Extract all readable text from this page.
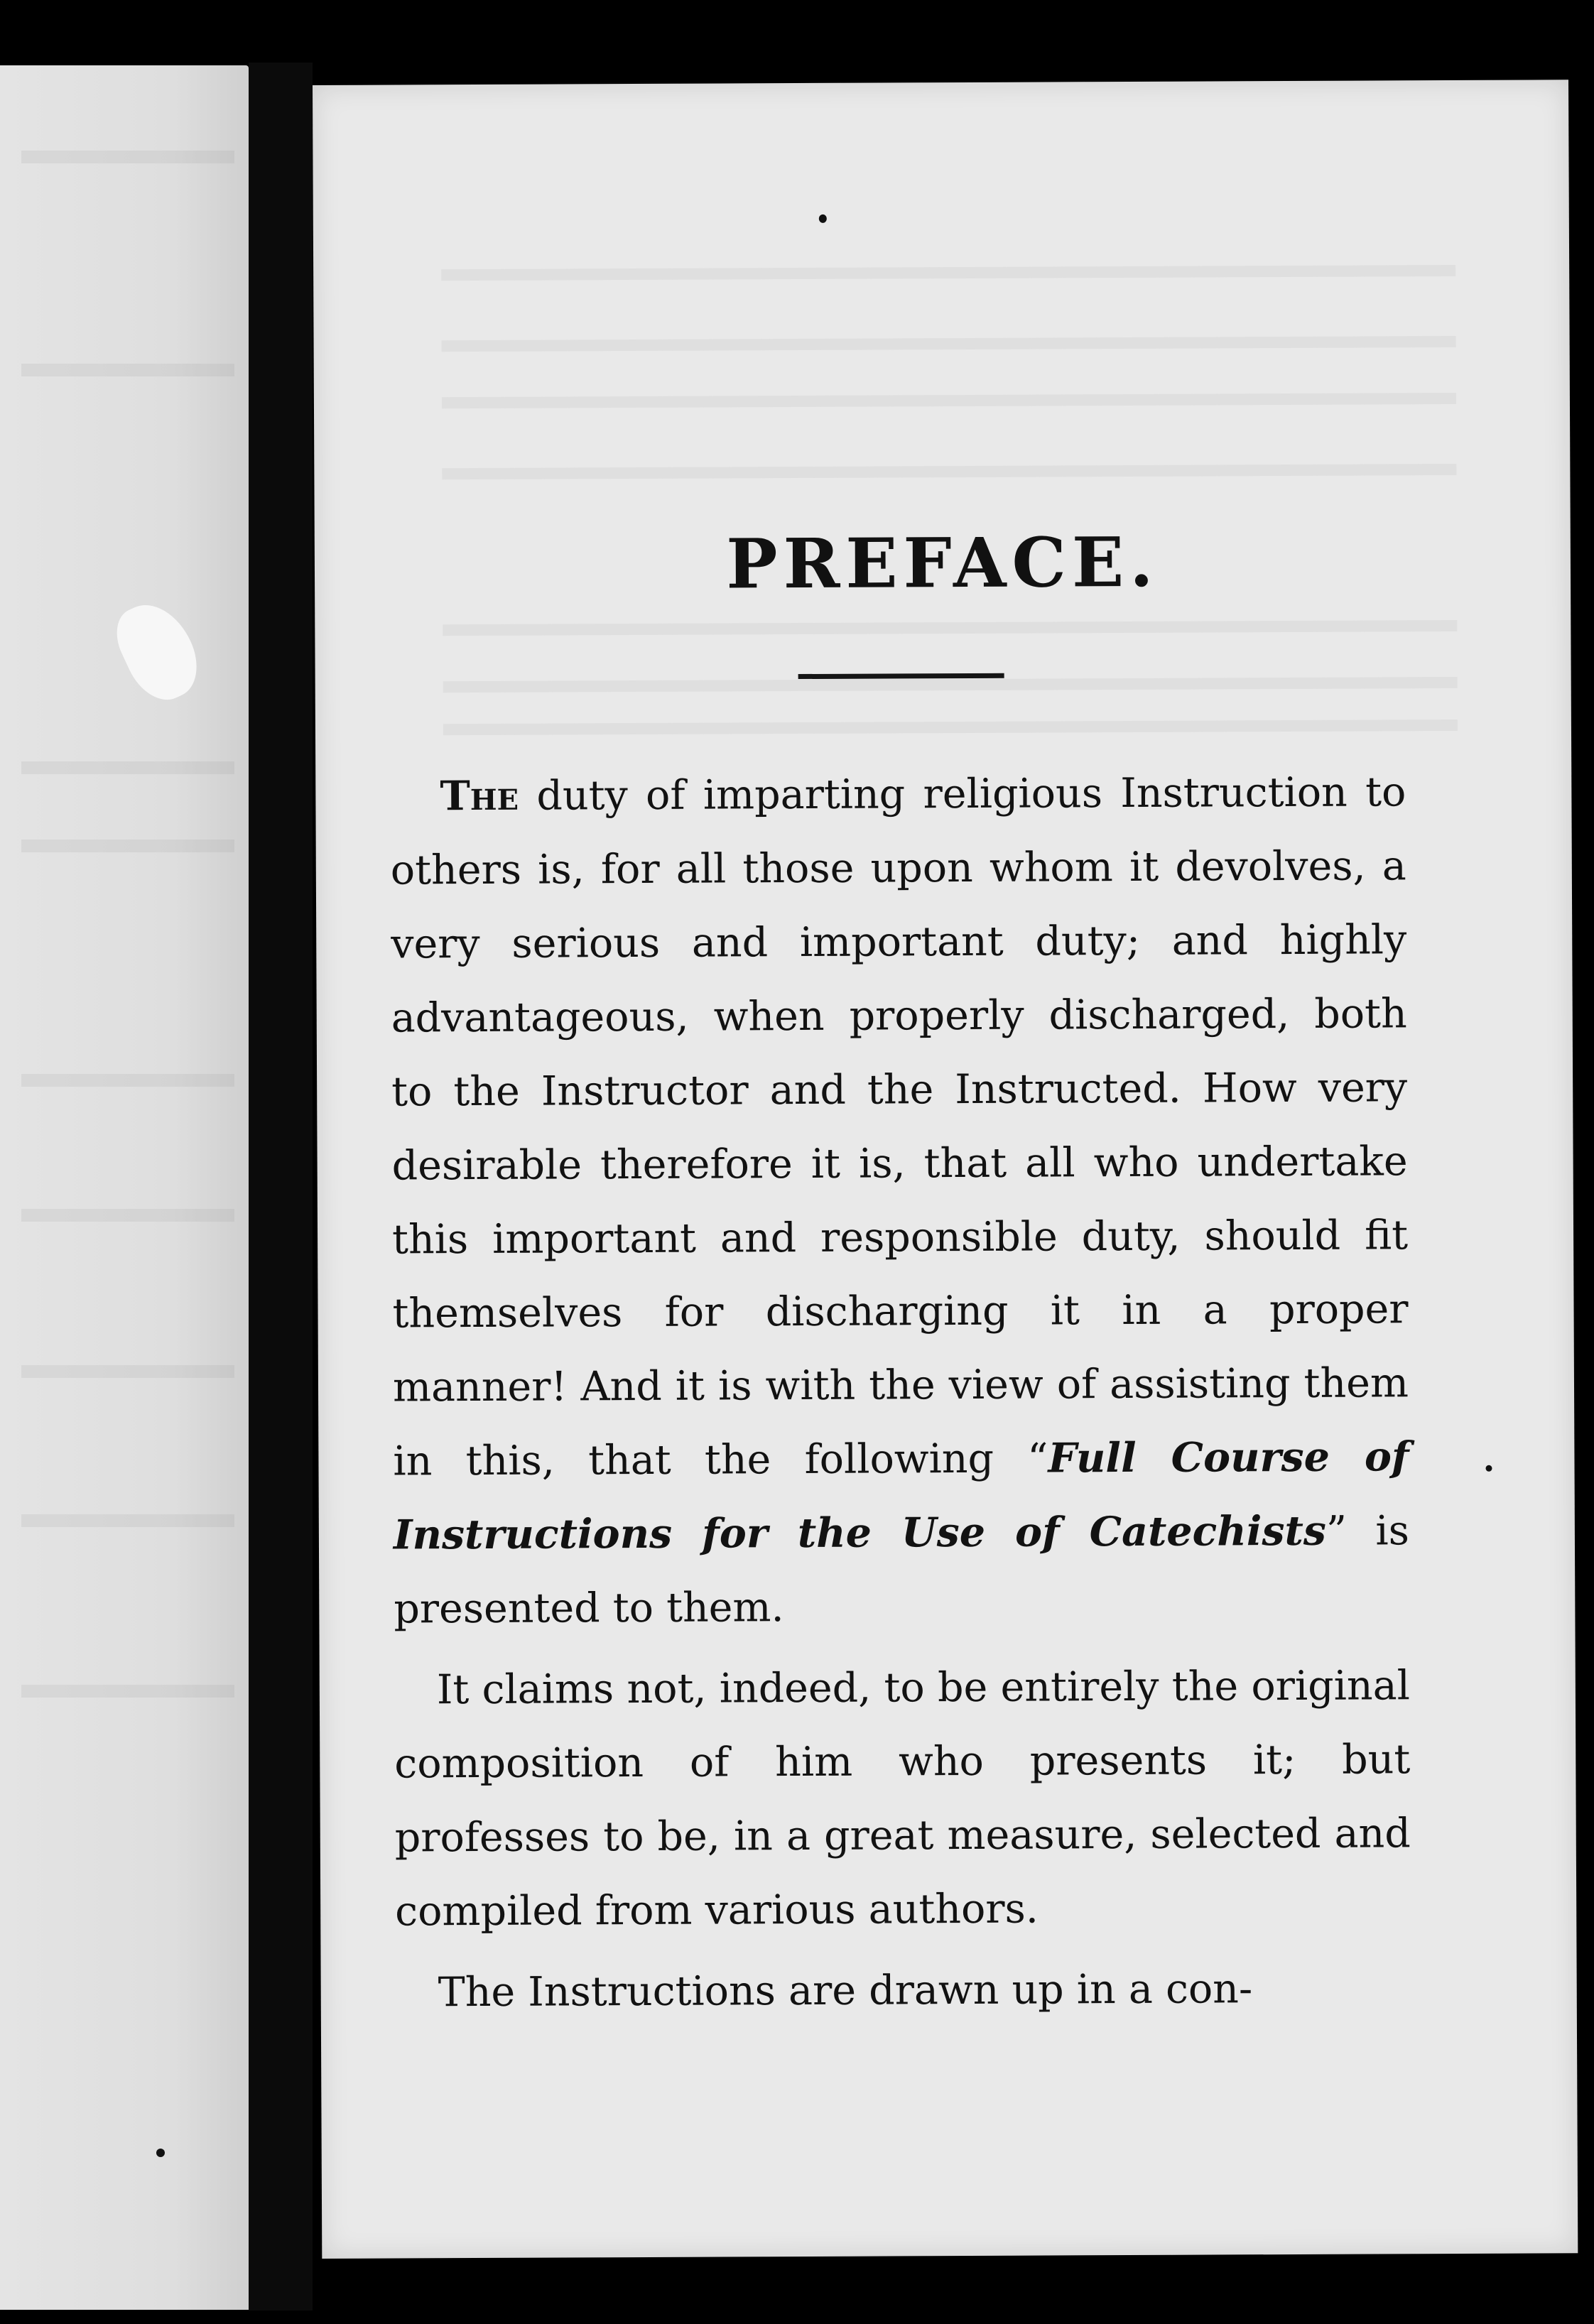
PREFACE.

The duty of imparting religious Instruction to others is, for all those upon whom it devolves, a very serious and important duty; and highly advantageous, when properly discharged, both to the Instructor and the Instructed. How very desirable therefore it is, that all who undertake this important and responsible duty, should fit themselves for discharging it in a proper manner! And it is with the view of assisting them in this, that the following “Full Course of Instructions for the Use of Catechists” is presented to them.

It claims not, indeed, to be entirely the original composition of him who presents it; but professes to be, in a great measure, selected and compiled from various authors.

The Instructions are drawn up in a con-
